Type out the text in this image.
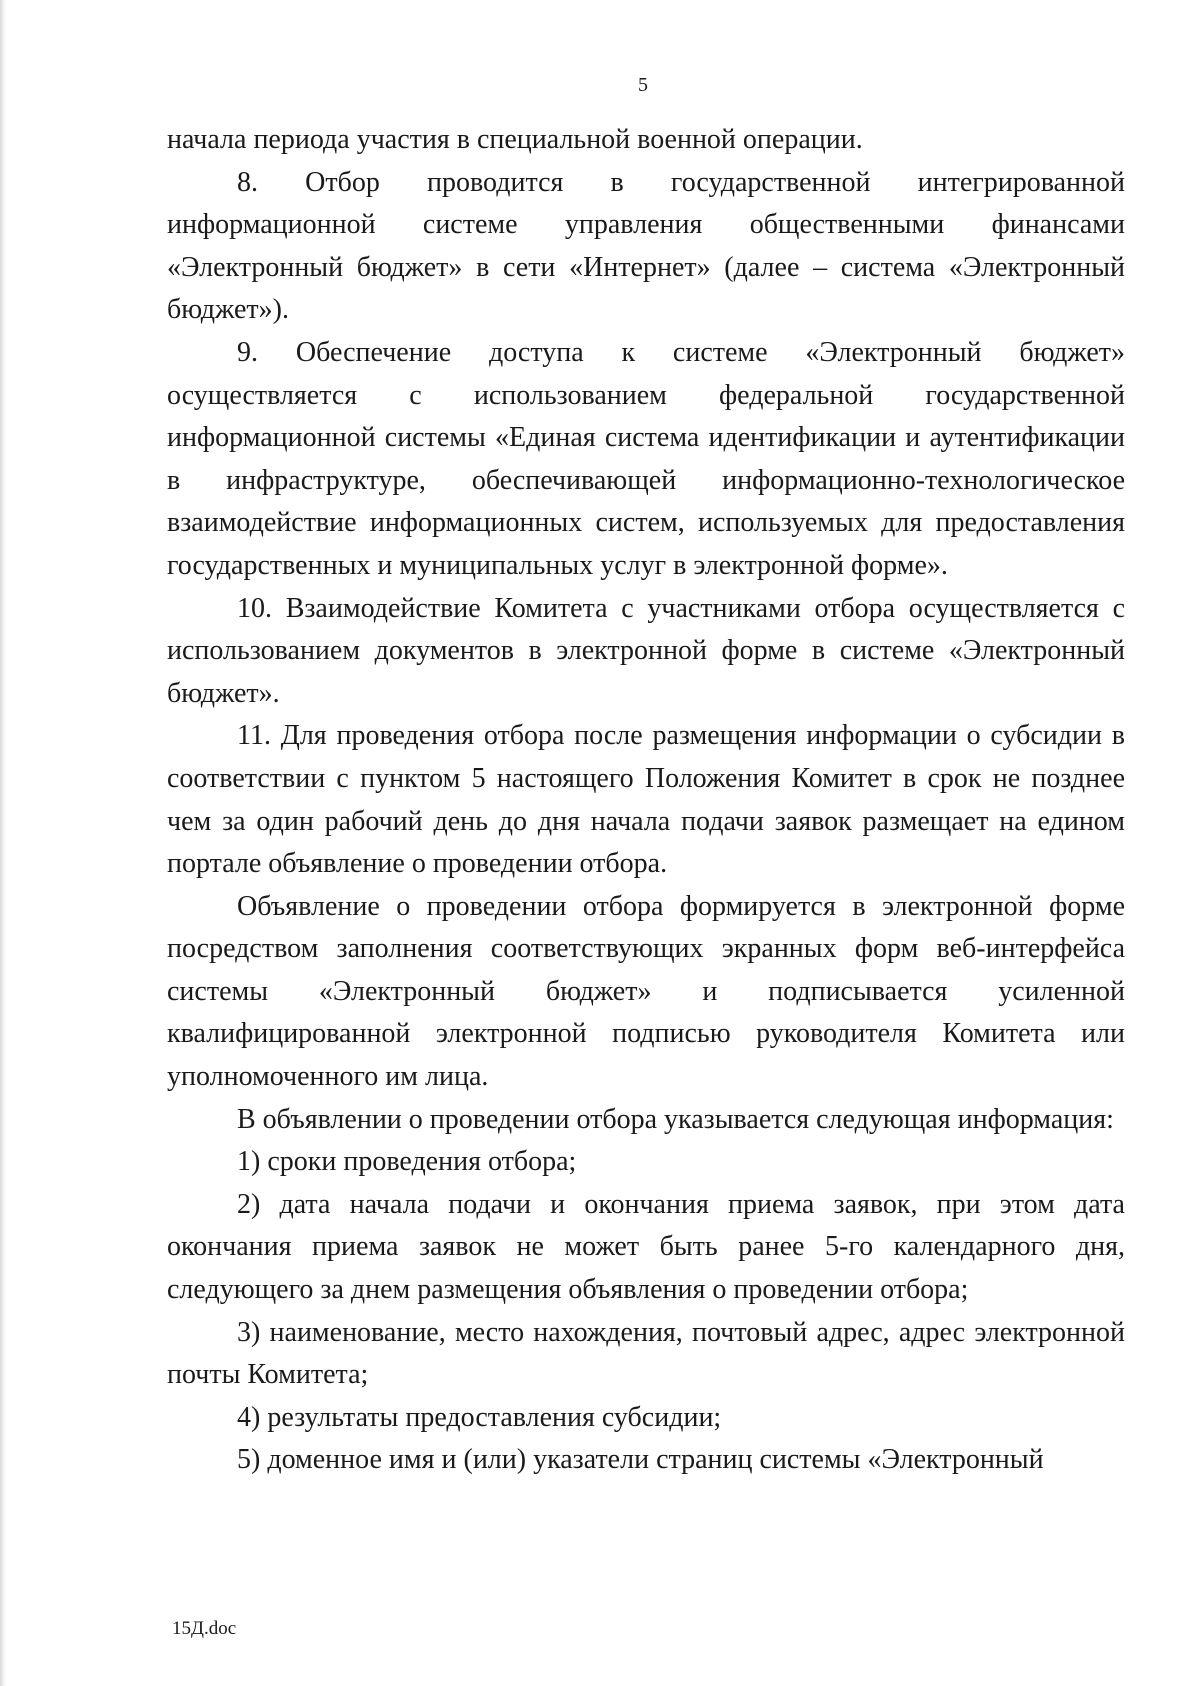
5

начала периода участия в специальной военной операции.

8. Отбор проводится в государственной интегрированной информационной системе управления общественными финансами «Электронный бюджет» в сети «Интернет» (далее – система «Электронный бюджет»).

9. Обеспечение доступа к системе «Электронный бюджет» осуществляется с использованием федеральной государственной информационной системы «Единая система идентификации и аутентификации в инфраструктуре, обеспечивающей информационно-технологическое взаимодействие информационных систем, используемых для предоставления государственных и муниципальных услуг в электронной форме».

10. Взаимодействие Комитета с участниками отбора осуществляется с использованием документов в электронной форме в системе «Электронный бюджет».

11. Для проведения отбора после размещения информации о субсидии в соответствии с пунктом 5 настоящего Положения Комитет в срок не позднее чем за один рабочий день до дня начала подачи заявок размещает на едином портале объявление о проведении отбора.

Объявление о проведении отбора формируется в электронной форме посредством заполнения соответствующих экранных форм веб-интерфейса системы «Электронный бюджет» и подписывается усиленной квалифицированной электронной подписью руководителя Комитета или уполномоченного им лица.

В объявлении о проведении отбора указывается следующая информация:

1) сроки проведения отбора;

2) дата начала подачи и окончания приема заявок, при этом дата окончания приема заявок не может быть ранее 5-го календарного дня, следующего за днем размещения объявления о проведении отбора;

3) наименование, место нахождения, почтовый адрес, адрес электронной почты Комитета;

4) результаты предоставления субсидии;

5) доменное имя и (или) указатели страниц системы «Электронный

15Д.doc
